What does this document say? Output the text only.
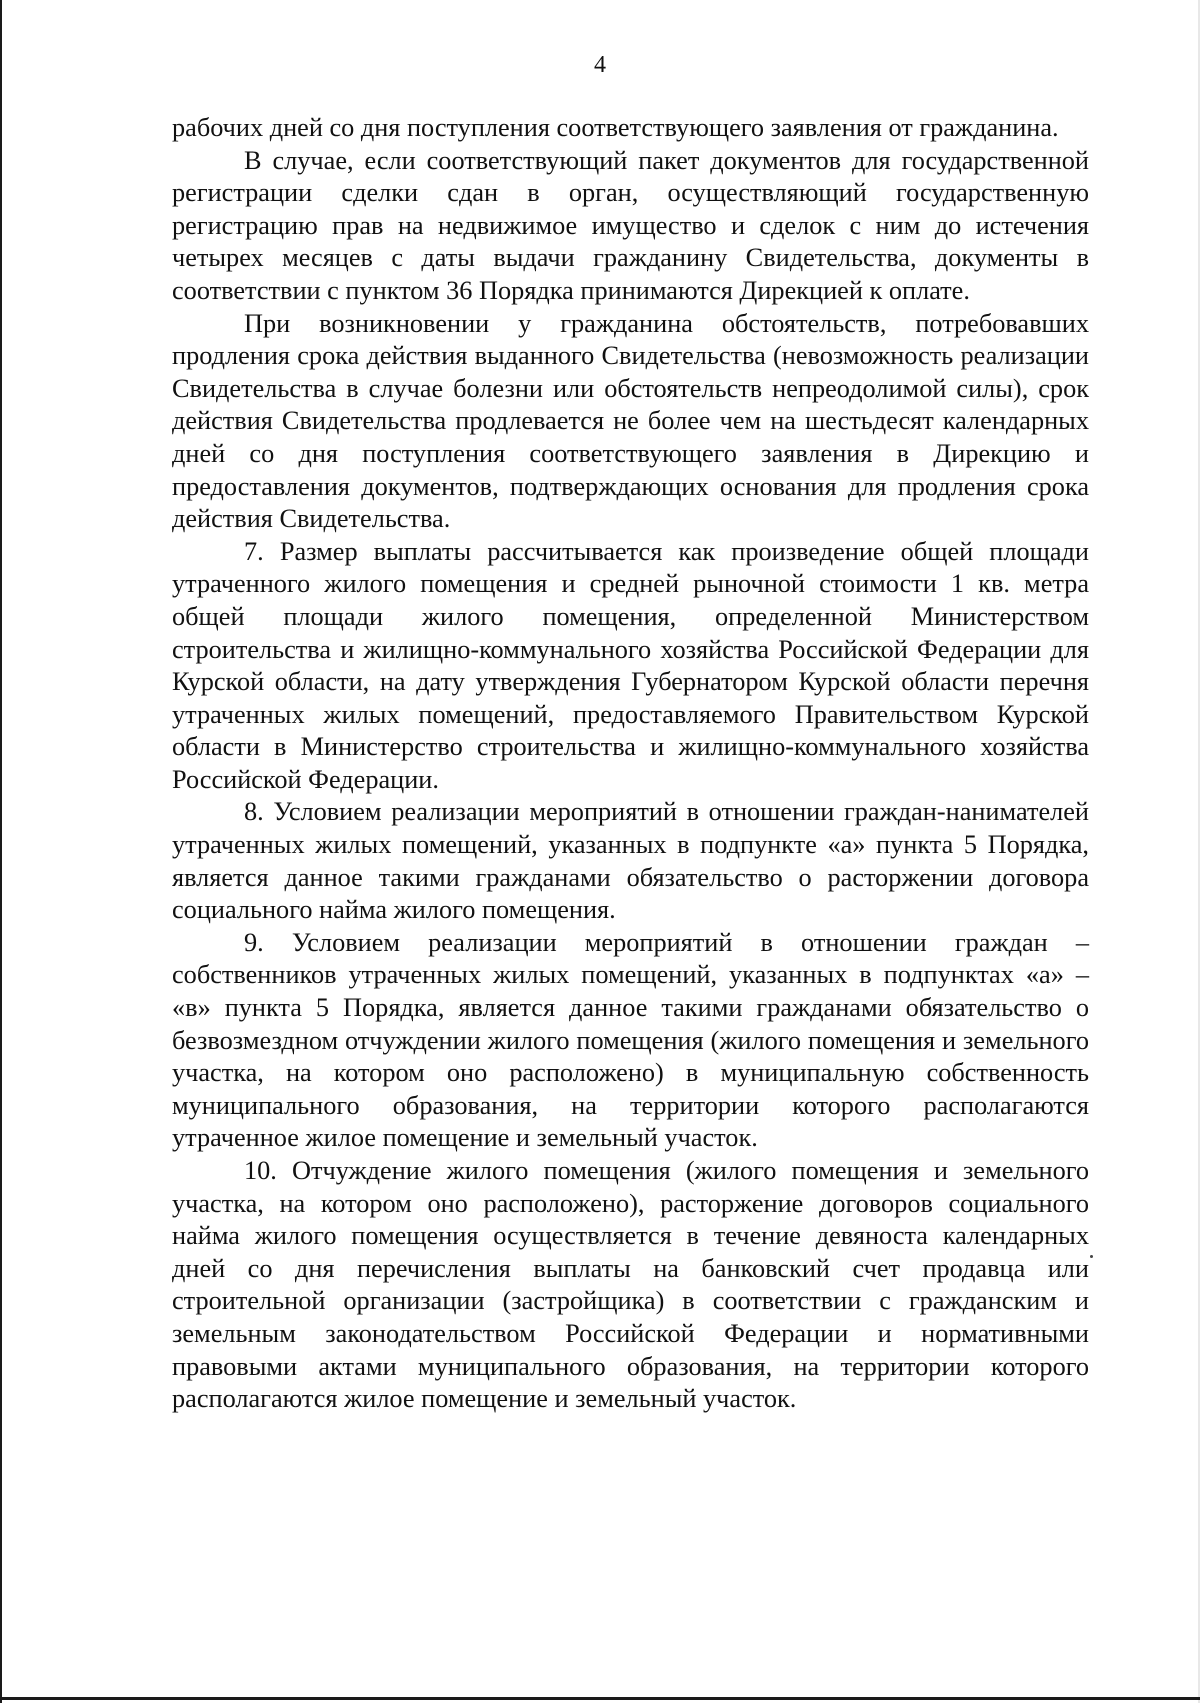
4

рабочих дней со дня поступления соответствующего заявления от гражданина.

В случае, если соответствующий пакет документов для государственной регистрации сделки сдан в орган, осуществляющий государственную регистрацию прав на недвижимое имущество и сделок с ним до истечения четырех месяцев с даты выдачи гражданину Свидетельства, документы в соответствии с пунктом 36 Порядка принимаются Дирекцией к оплате.

При возникновении у гражданина обстоятельств, потребовавших продления срока действия выданного Свидетельства (невозможность реализации Свидетельства в случае болезни или обстоятельств непреодолимой силы), срок действия Свидетельства продлевается не более чем на шестьдесят календарных дней со дня поступления соответствующего заявления в Дирекцию и предоставления документов, подтверждающих основания для продления срока действия Свидетельства.

7. Размер выплаты рассчитывается как произведение общей площади утраченного жилого помещения и средней рыночной стоимости 1 кв. метра общей площади жилого помещения, определенной Министерством строительства и жилищно-коммунального хозяйства Российской Федерации для Курской области, на дату утверждения Губернатором Курской области перечня утраченных жилых помещений, предоставляемого Правительством Курской области в Министерство строительства и жилищно-коммунального хозяйства Российской Федерации.

8. Условием реализации мероприятий в отношении граждан-нанимателей утраченных жилых помещений, указанных в подпункте «а» пункта 5 Порядка, является данное такими гражданами обязательство о расторжении договора социального найма жилого помещения.

9. Условием реализации мероприятий в отношении граждан – собственников утраченных жилых помещений, указанных в подпунктах «а» – «в» пункта 5 Порядка, является данное такими гражданами обязательство о безвозмездном отчуждении жилого помещения (жилого помещения и земельного участка, на котором оно расположено) в муниципальную собственность муниципального образования, на территории которого располагаются утраченное жилое помещение и земельный участок.

10. Отчуждение жилого помещения (жилого помещения и земельного участка, на котором оно расположено), расторжение договоров социального найма жилого помещения осуществляется в течение девяноста календарных дней со дня перечисления выплаты на банковский счет продавца или строительной организации (застройщика) в соответствии с гражданским и земельным законодательством Российской Федерации и нормативными правовыми актами муниципального образования, на территории которого располагаются жилое помещение и земельный участок.
